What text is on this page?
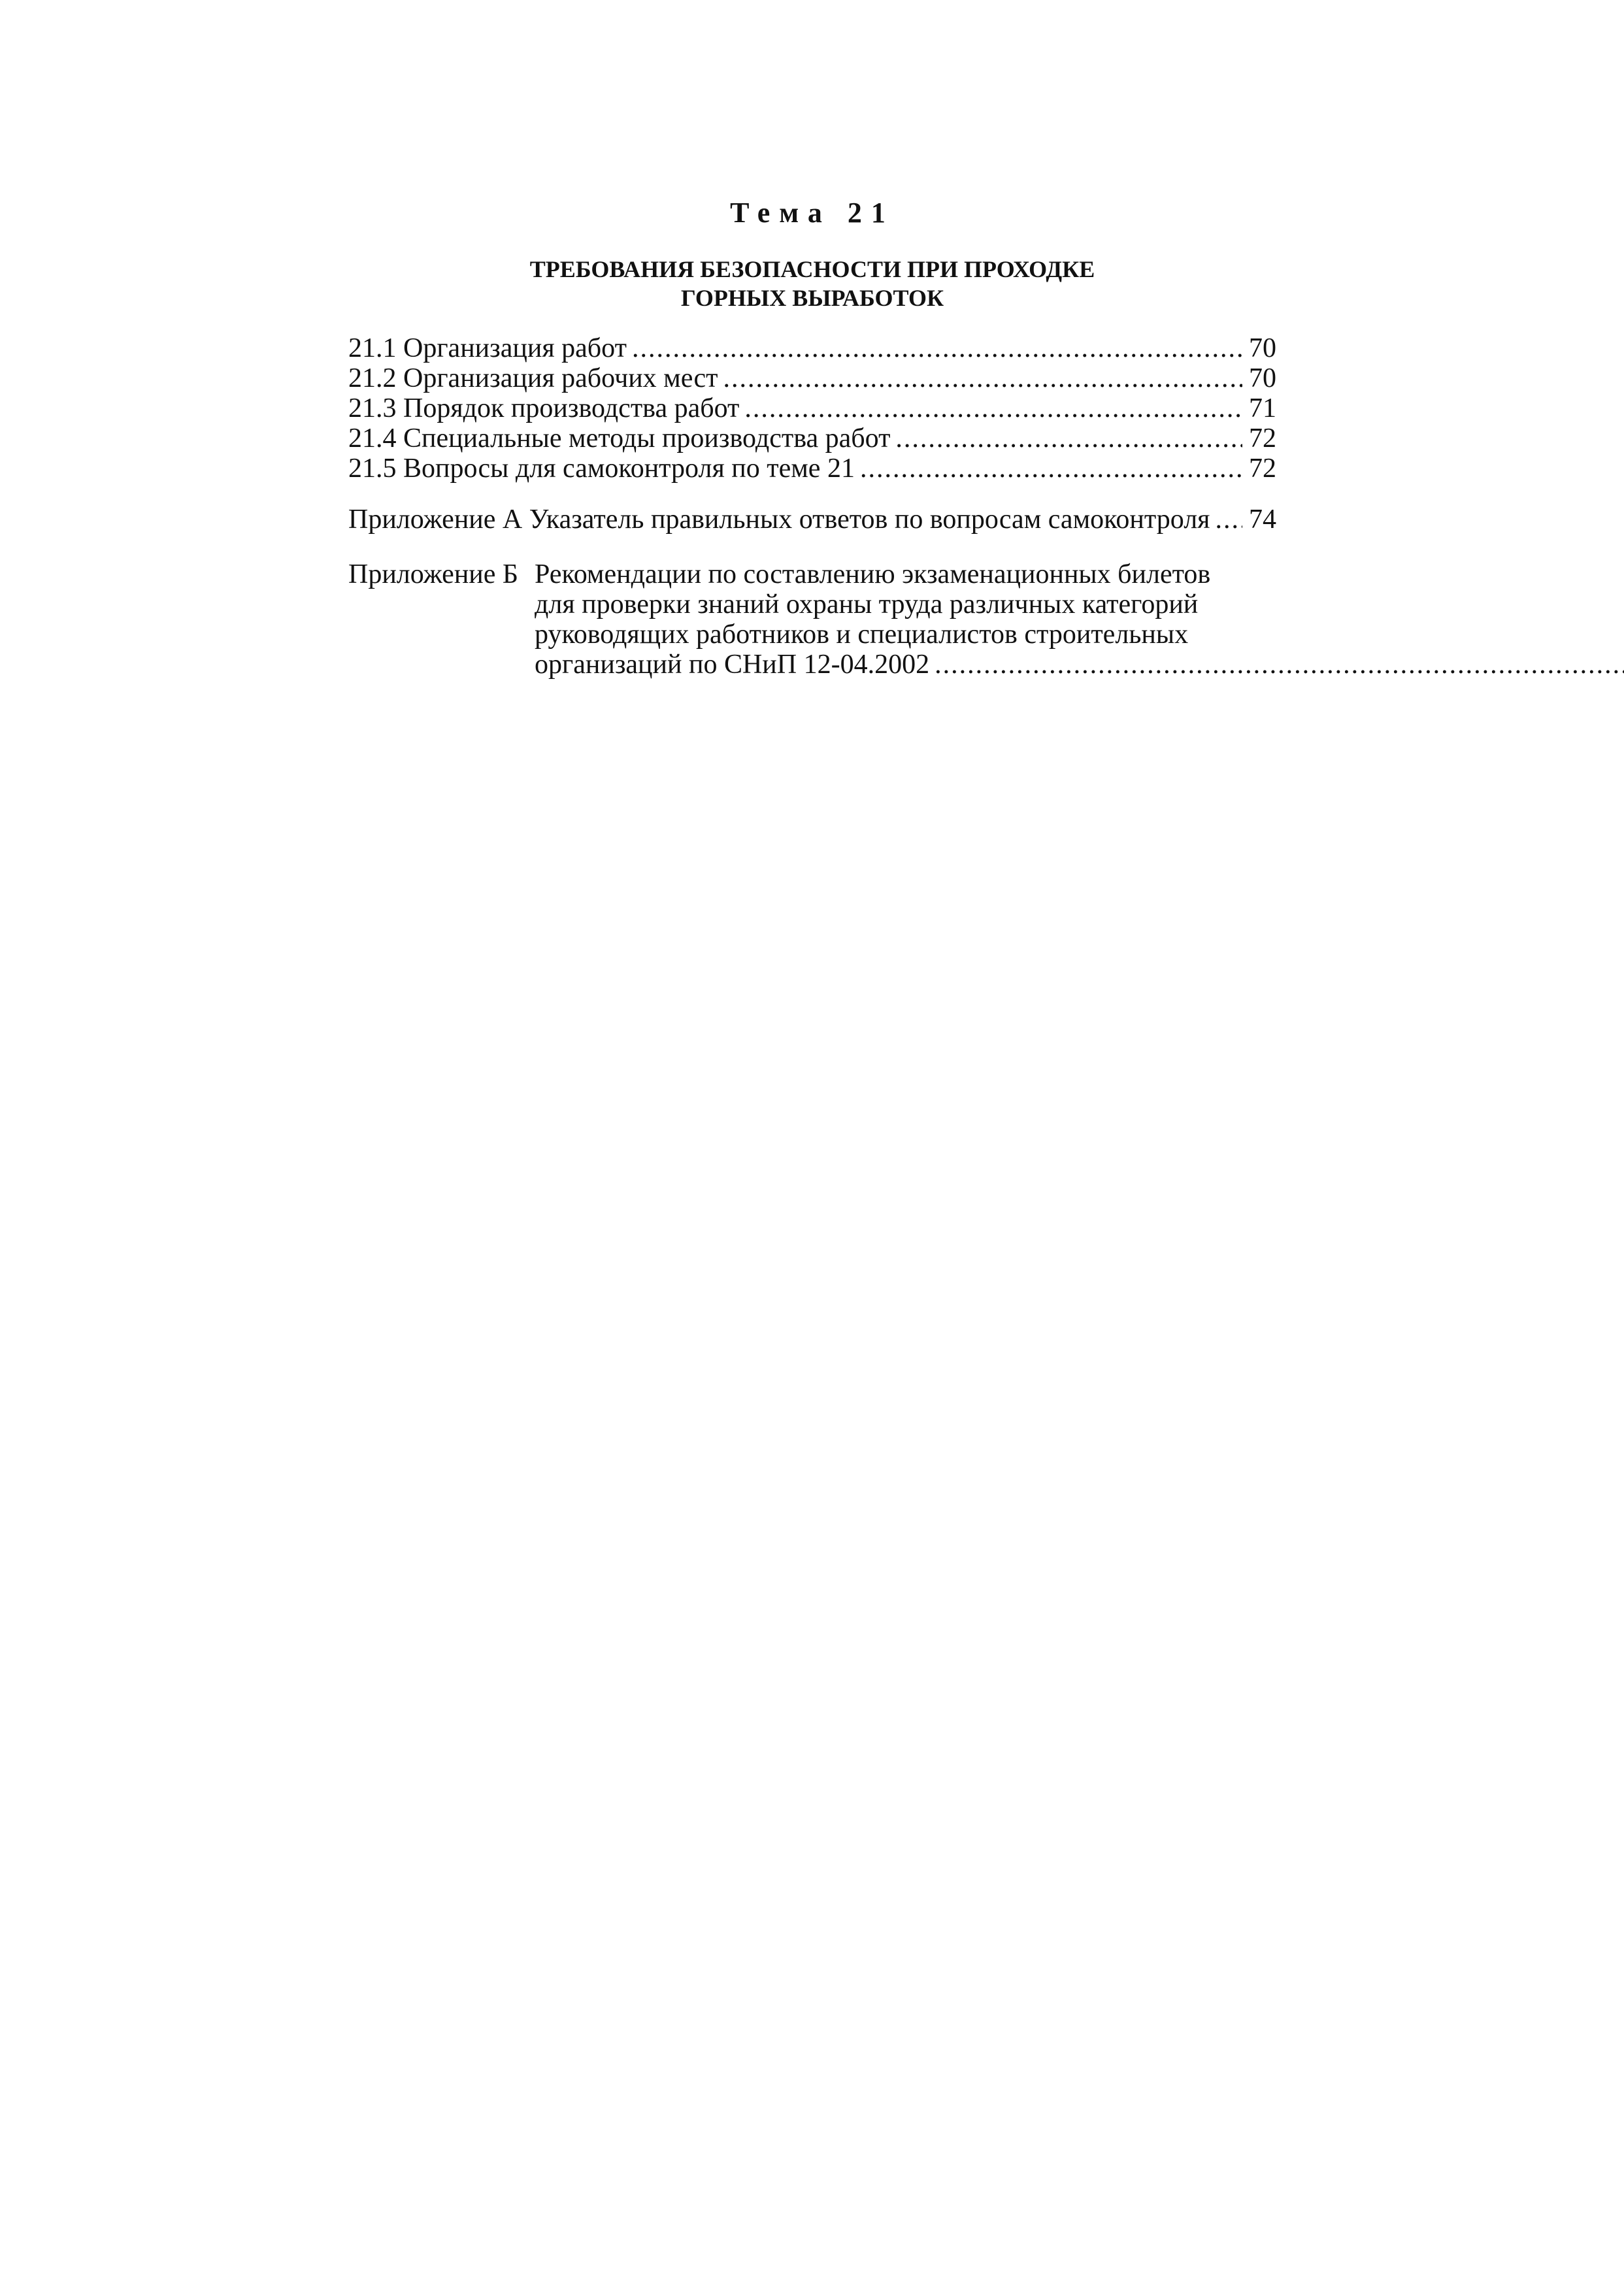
Тема 21
ТРЕБОВАНИЯ БЕЗОПАСНОСТИ ПРИ ПРОХОДКЕ
ГОРНЫХ ВЫРАБОТОК
21.1 Организация работ .....	70
21.2 Организация рабочих мест .....	70
21.3 Порядок производства работ .....	71
21.4 Специальные методы производства работ .....	72
21.5 Вопросы для самоконтроля по теме 21 .....	72
Приложение А Указатель правильных ответов по вопросам самоконтроля ..... 74
Приложение Б Рекомендации по составлению экзаменационных билетов
для проверки знаний охраны труда различных категорий
руководящих работников и специалистов строительных
организаций по СНиП 12-04.2002
.....
